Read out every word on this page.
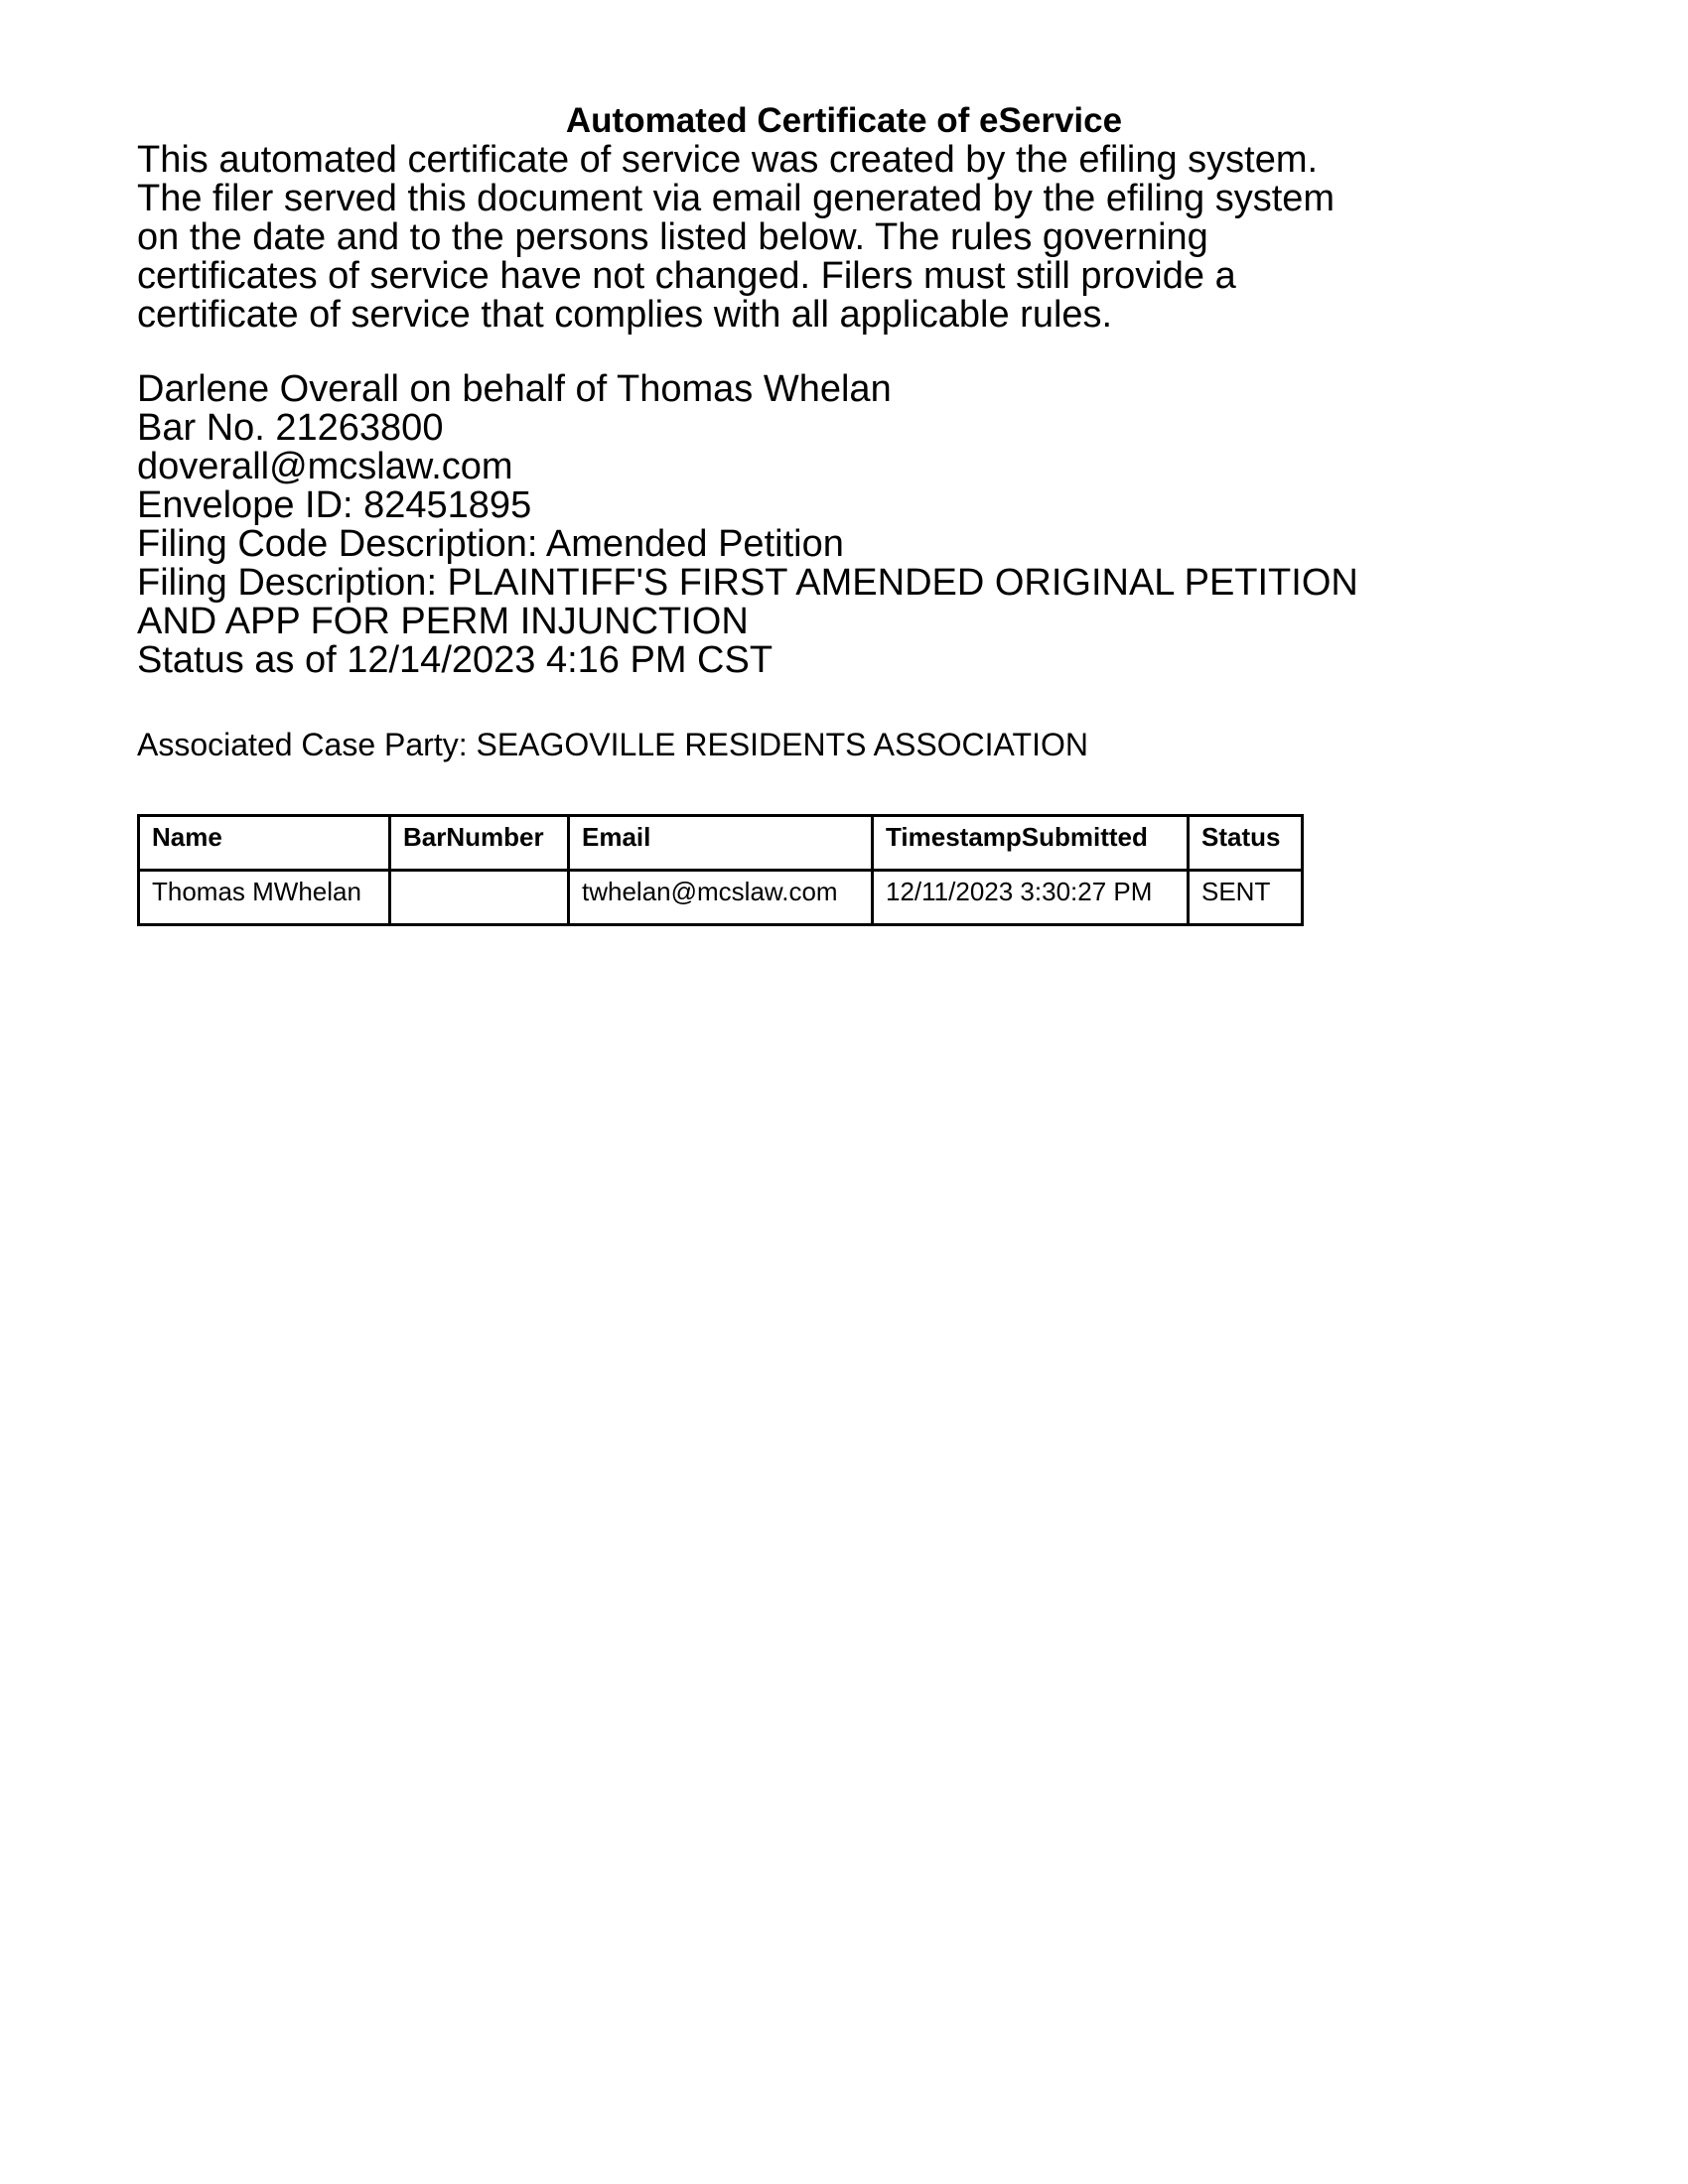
Automated Certificate of eService
This automated certificate of service was created by the efiling system.
The filer served this document via email generated by the efiling system
on the date and to the persons listed below. The rules governing
certificates of service have not changed. Filers must still provide a
certificate of service that complies with all applicable rules.
Darlene Overall on behalf of Thomas Whelan
Bar No. 21263800
doverall@mcslaw.com
Envelope ID: 82451895
Filing Code Description: Amended Petition
Filing Description: PLAINTIFF'S FIRST AMENDED ORIGINAL PETITION
AND APP FOR PERM INJUNCTION
Status as of 12/14/2023 4:16 PM CST
Associated Case Party: SEAGOVILLE RESIDENTS ASSOCIATION
Name	BarNumber	Email	TimestampSubmitted	Status
Thomas MWhelan		twhelan@mcslaw.com	12/11/2023 3:30:27 PM	SENT
